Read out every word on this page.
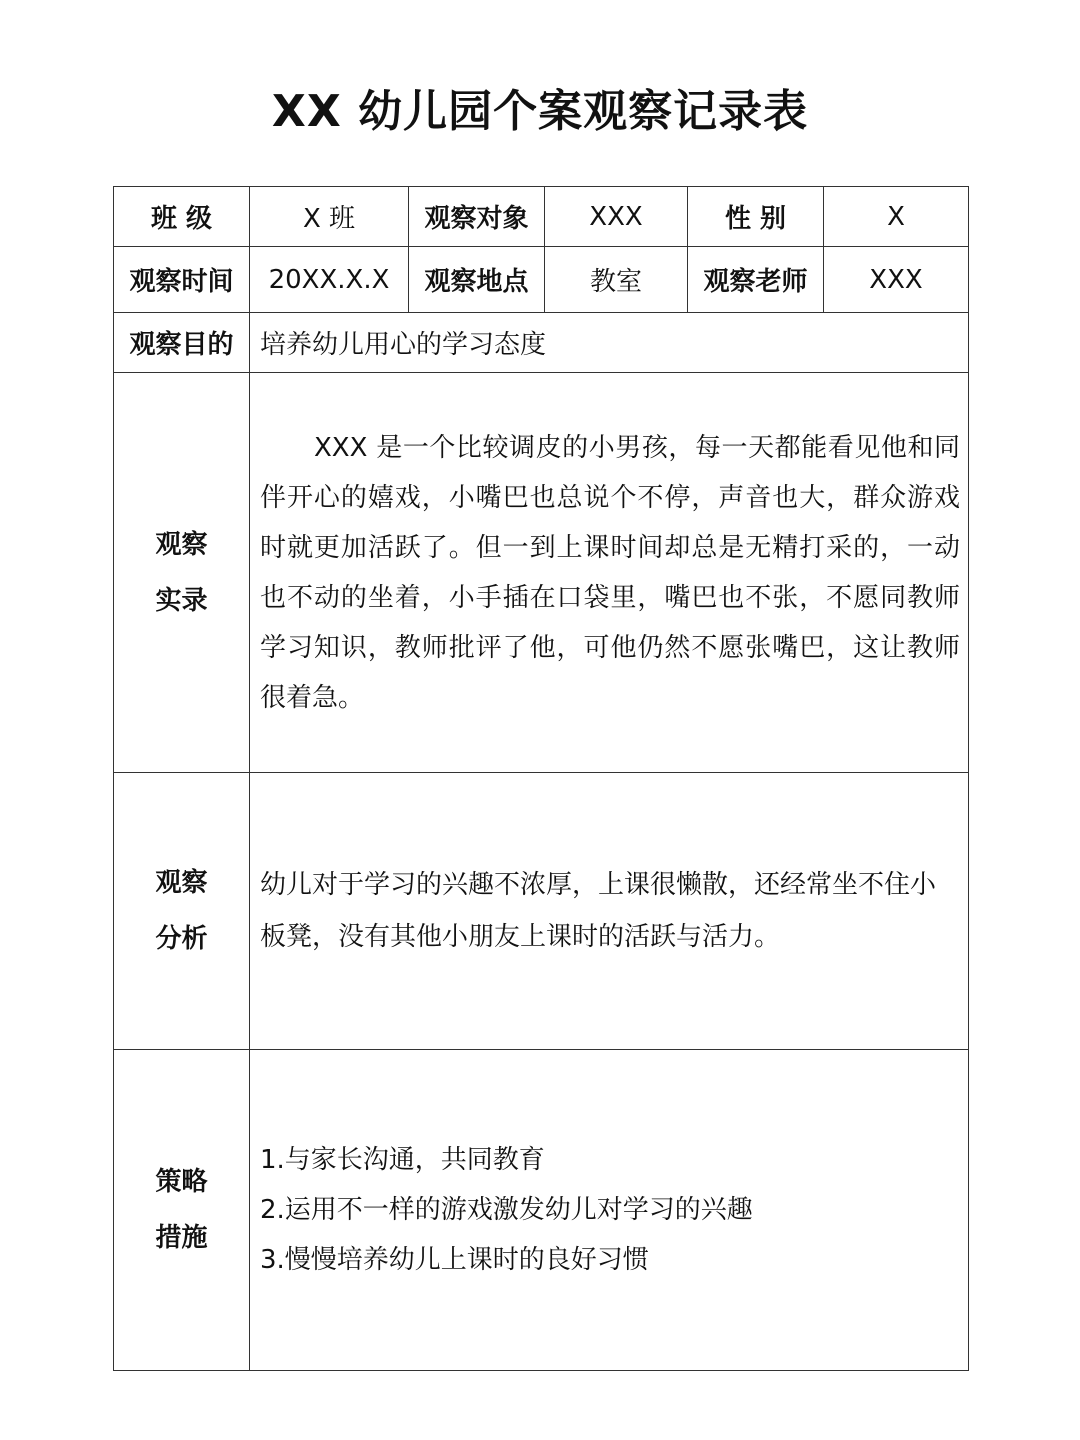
XX 幼儿园个案观察记录表
班 级	X 班	观察对象	XXX	性 别	X
观察时间	20XX.X.X	观察地点	教室	观察老师	XXX
观察目的	培养幼儿用心的学习态度				

观察
实录	XXX 是一个比较调皮的小男孩，每一天都能看见他和同伴开心的嬉戏，小嘴巴也总说个不停，声音也大，群众游戏时就更加活跃了。但一到上课时间却总是无精打采的，一动也不动的坐着，小手插在口袋里，嘴巴也不张，不愿同教师学习知识，教师批评了他，可他仍然不愿张嘴巴，这让教师很着急。				

观察
分析	幼儿对于学习的兴趣不浓厚，上课很懒散，还经常坐不住小板凳，没有其他小朋友上课时的活跃与活力。				

策略
措施	1.与家长沟通，共同教育
2.运用不一样的游戏激发幼儿对学习的兴趣
3.慢慢培养幼儿上课时的良好习惯				
